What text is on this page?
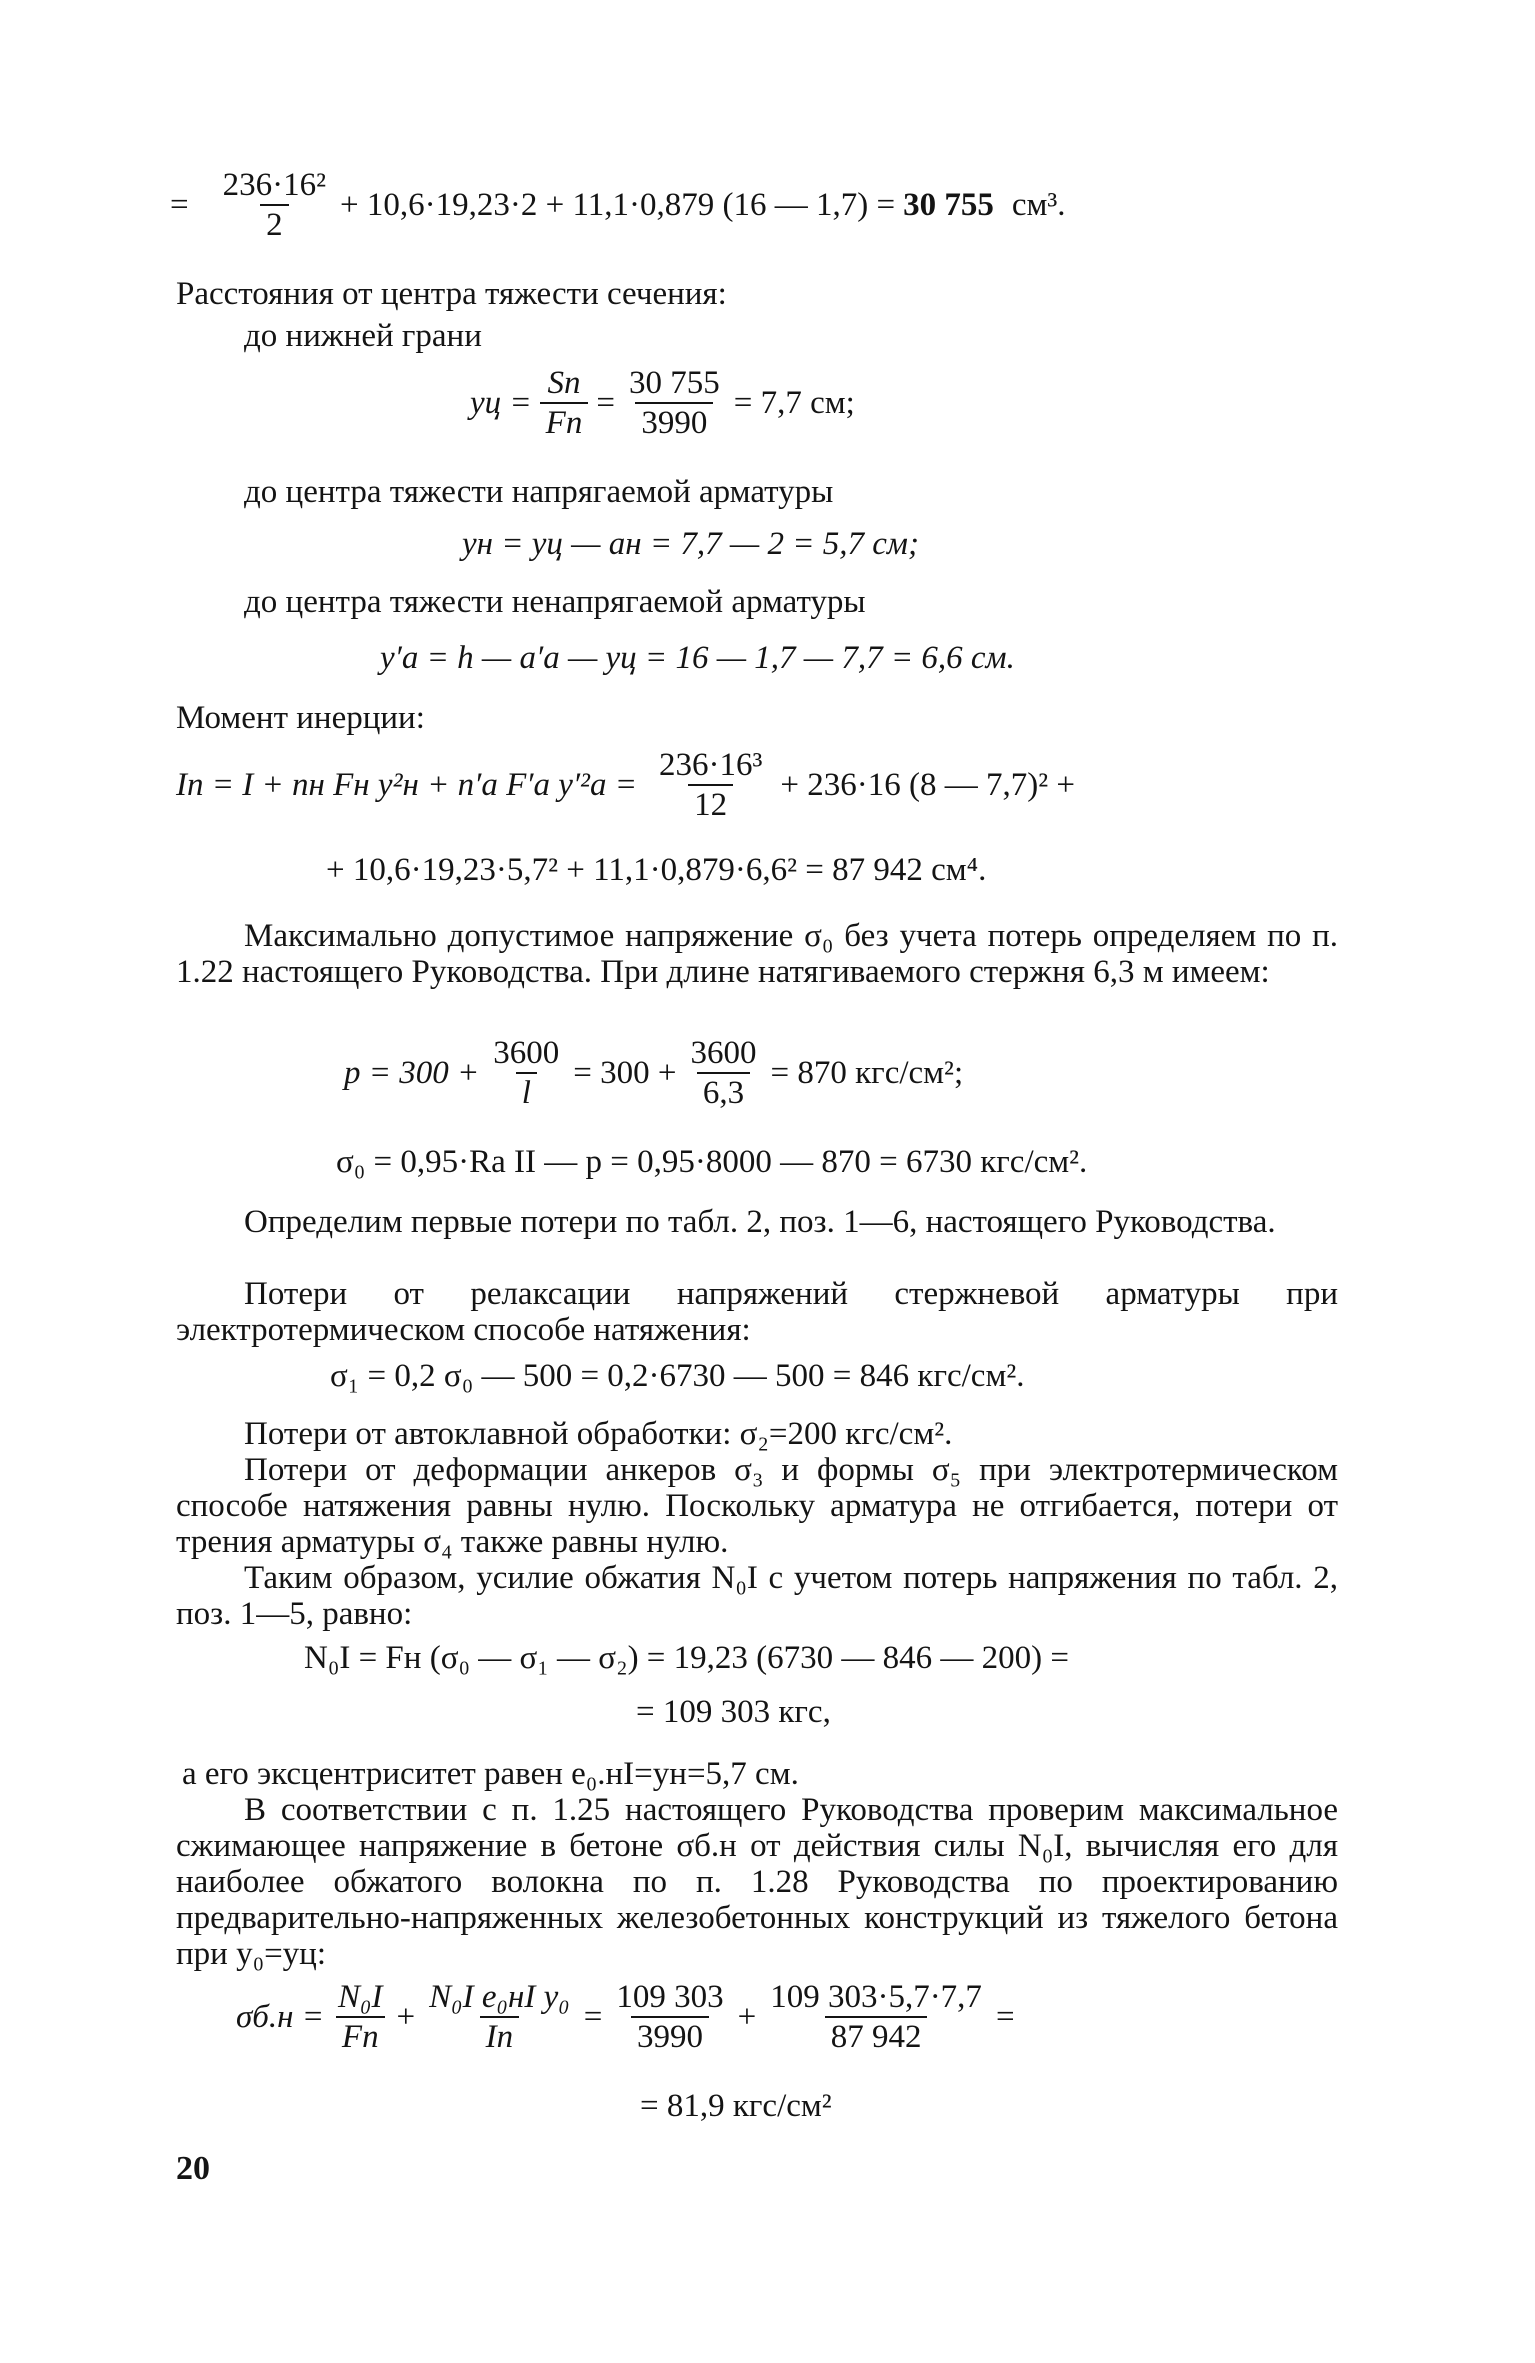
= $\frac{\text{236·16²}}{2} + 10,6\cdot 19,23\cdot 2 + 11,1\cdot 0,879$ (16 — 1,7) = 30 755 см³.
Расстояния от центра тяжести сечения:
до нижней грани
yц = $\frac{Sп}{Fп} = \frac{30 755}{3990} = 7,7$ см;
до центра тяжести напрягаемой арматуры
yн = yц — aн = 7,7 — 2 = 5,7 см;
до центра тяжести ненапрягаемой арматуры
y′a = h — a′a — yц = 16 — 1,7 — 7,7 = 6,6 см.
Момент инерции:
Iп = I + nн Fн y²н + n′a F′a $y'^2a = \frac{\text{236·16³}}{12} + 236\cdot 16$ (8 — 7,7)² +
+ 10,6·19,23·5,7² + 11,1·0,879·6,6² = 87 942 см⁴.
Максимально допустимое напряжение σ₀ без учета потерь определяем по п. 1.22 настоящего Руководства. При длине натягиваемого стержня 6,3 м имеем:
$p = 300 + \frac{3600}{l} = 300 + \frac{3600}{6,3} = 870$ кгс/см²;
σ₀ = 0,95·Ra II — p = 0,95·8000 — 870 = 6730 кгс/см².
Определим первые потери по табл. 2, поз. 1—6, настоящего Руководства.
Потери от релаксации напряжений стержневой арматуры при электротермическом способе натяжения:
σ₁ = 0,2 σ₀ — 500 = 0,2·6730 — 500 = 846 кгс/см².
Потери от автоклавной обработки: σ₂=200 кгс/см².
Потери от деформации анкеров σ₃ и формы σ₅ при электротермическом способе натяжения равны нулю. Поскольку арматура не отгибается, потери от трения арматуры σ₄ также равны нулю.
Таким образом, усилие обжатия N₀I с учетом потерь напряжения по табл. 2, поз. 1—5, равно:
N₀I = Fн (σ₀ — σ₁ — σ₂) = 19,23 (6730 — 846 — 200) =
= 109 303 кгс,
а его эксцентриситет равен e₀.нI=yн=5,7 см.
В соответствии с п. 1.25 настоящего Руководства проверим максимальное сжимающее напряжение в бетоне σб.н от действия силы N₀I, вычисляя его для наиболее обжатого волокна по п. 1.28 Руководства по проектированию предварительно-напряженных железобетонных конструкций из тяжелого бетона при y₀=yц:
$\sigma б.н = \frac{\text{N₀I}}{Fп} + \frac{\text{N₀I e₀нI y₀}}{Iп} = \frac{109 303}{3990} + \frac{109 303\cdot 5,7\cdot 7,7}{87 942}$ =
= 81,9 кгс/см²
20
